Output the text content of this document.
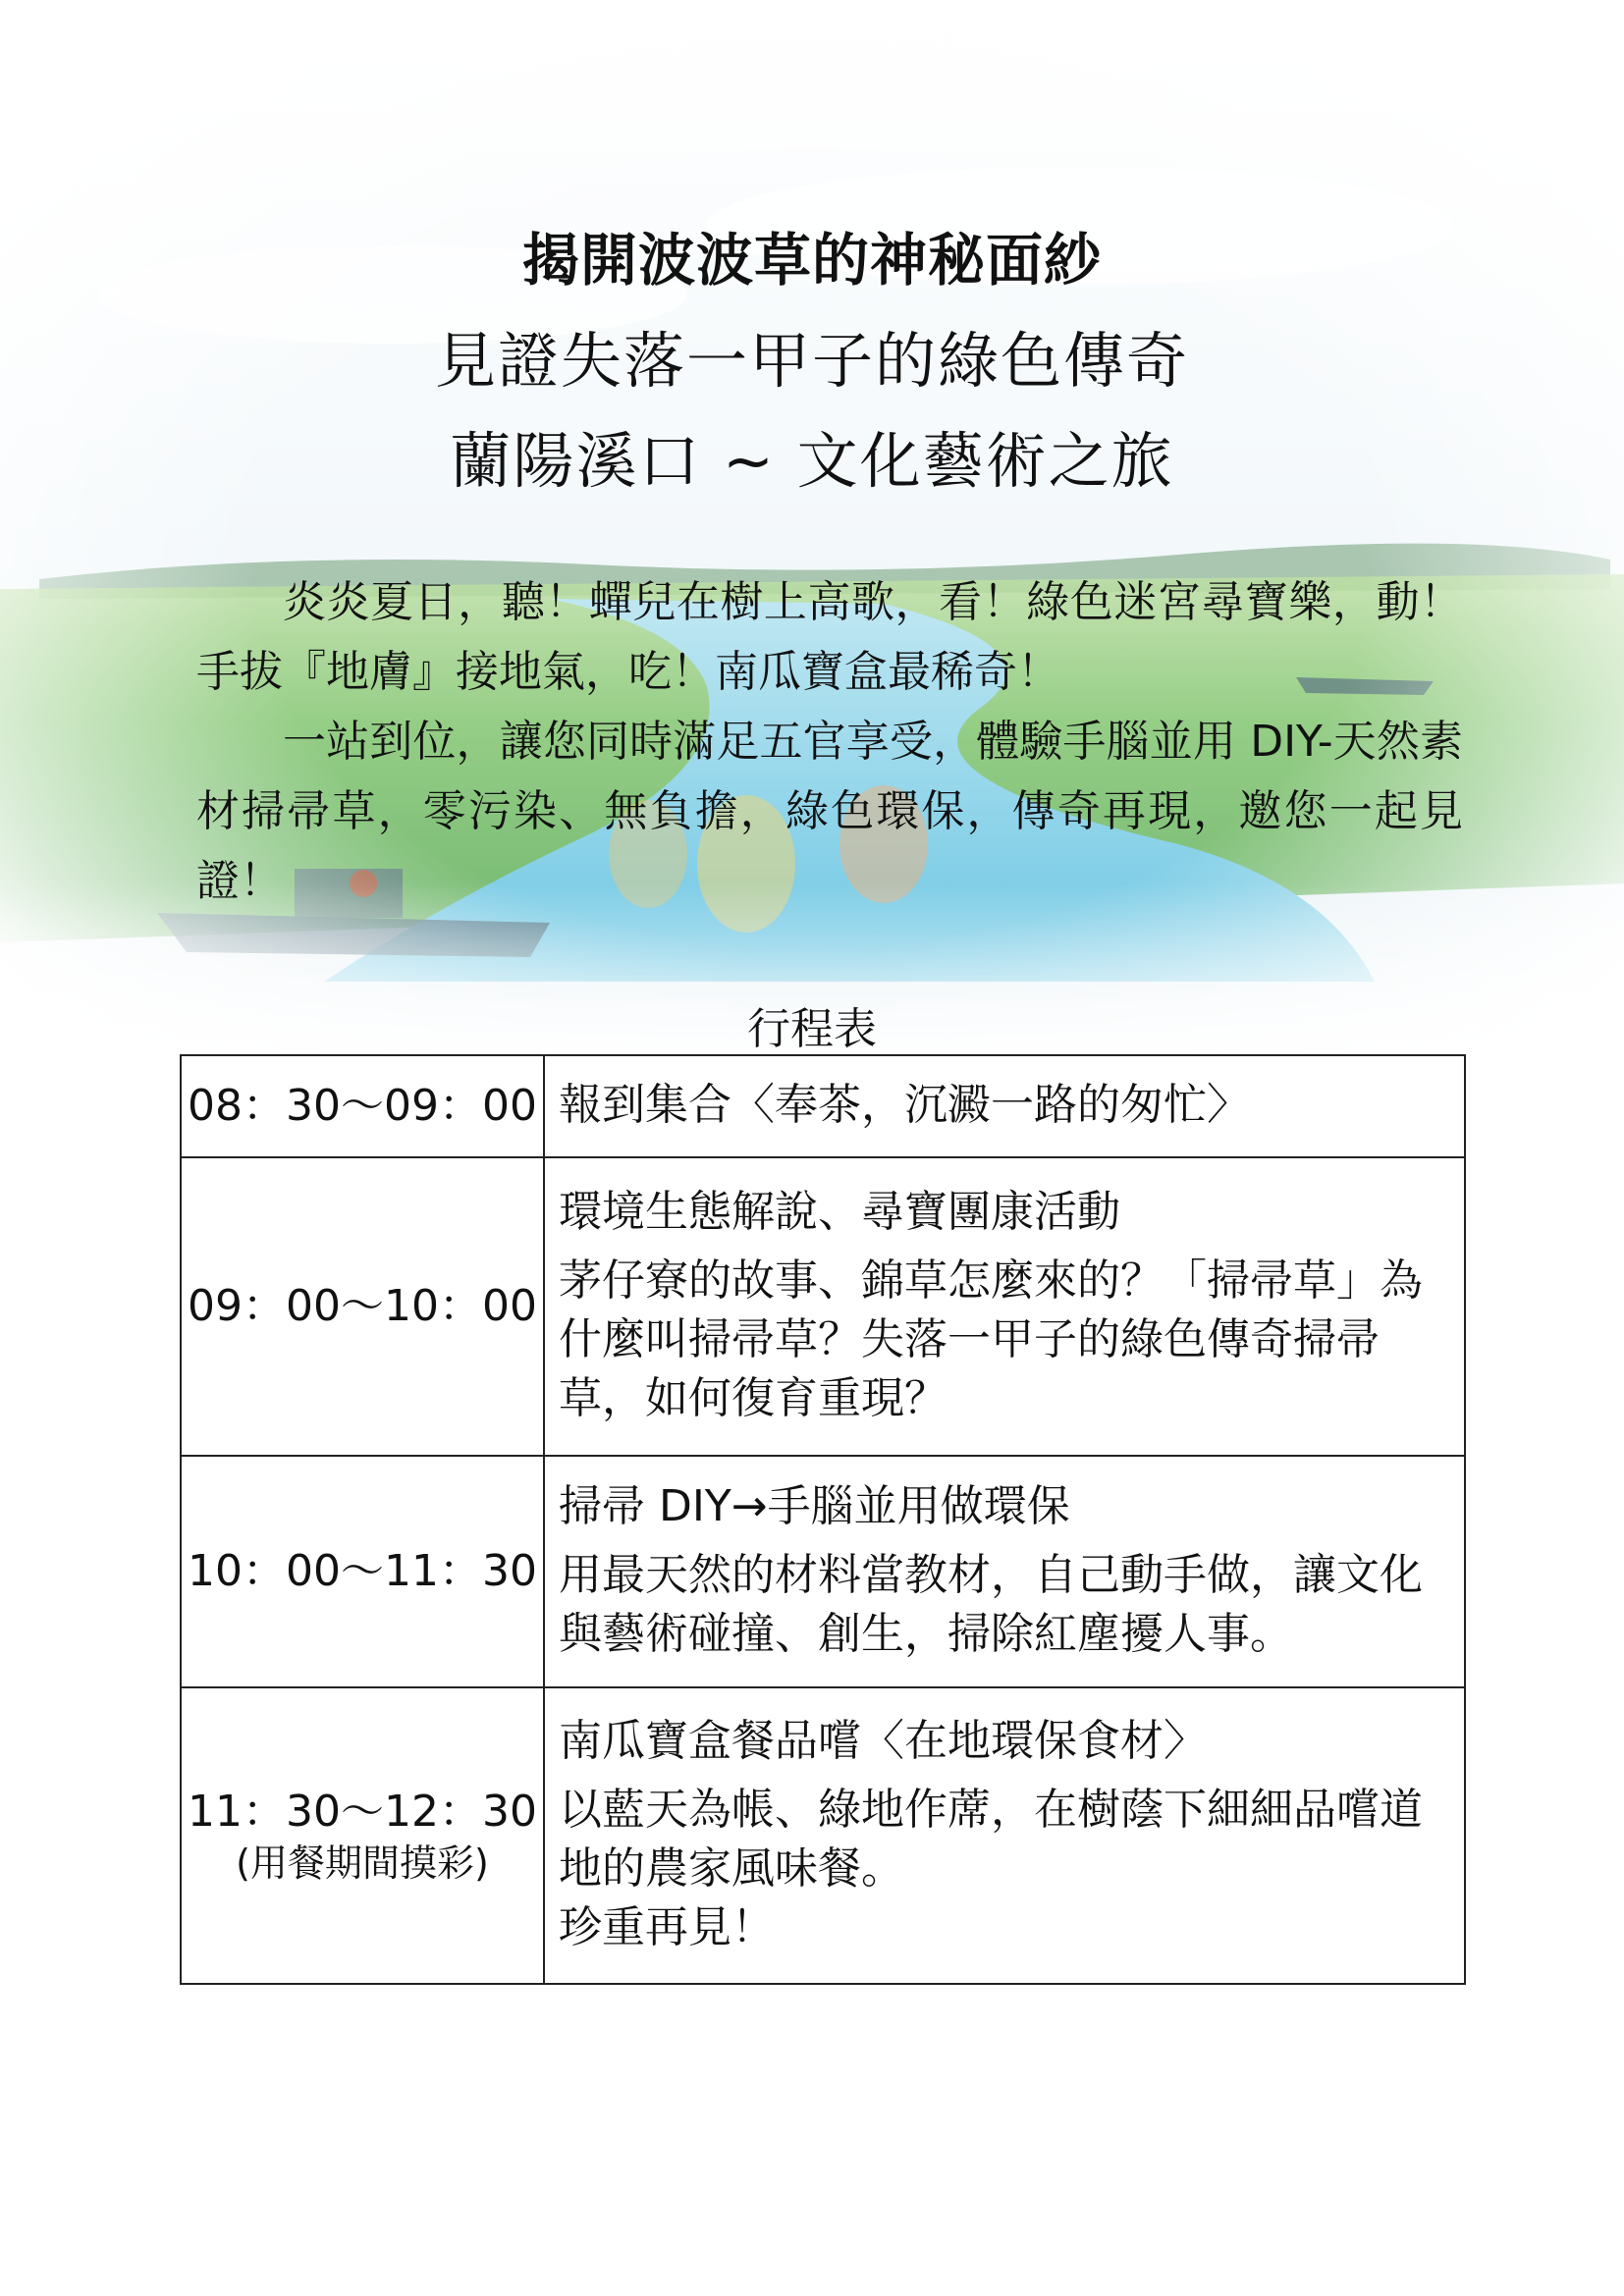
揭開波波草的神秘面紗
見證失落一甲子的綠色傳奇
蘭陽溪口 ~ 文化藝術之旅

炎炎夏日，聽！蟬兒在樹上高歌，看！綠色迷宮尋寶樂，動！手拔『地膚』接地氣，吃！南瓜寶盒最稀奇！

一站到位，讓您同時滿足五官享受，體驗手腦並用 DIY-天然素材掃帚草，零污染、無負擔，綠色環保，傳奇再現，邀您一起見證！

行程表
08：30～09：00	報到集合〈奉茶，沉澱一路的匆忙〉

09：00～10：00	環境生態解說、尋寶團康活動
茅仔寮的故事、錦草怎麼來的？「掃帚草」為什麼叫掃帚草？失落一甲子的綠色傳奇掃帚草，如何復育重現？

10：00～11：30	掃帚 DIY→手腦並用做環保
用最天然的材料當教材，自己動手做，讓文化與藝術碰撞、創生，掃除紅塵擾人事。

11：30～12：30
(用餐期間摸彩)	南瓜寶盒餐品嚐〈在地環保食材〉
以藍天為帳、綠地作蓆，在樹蔭下細細品嚐道地的農家風味餐。
珍重再見！
